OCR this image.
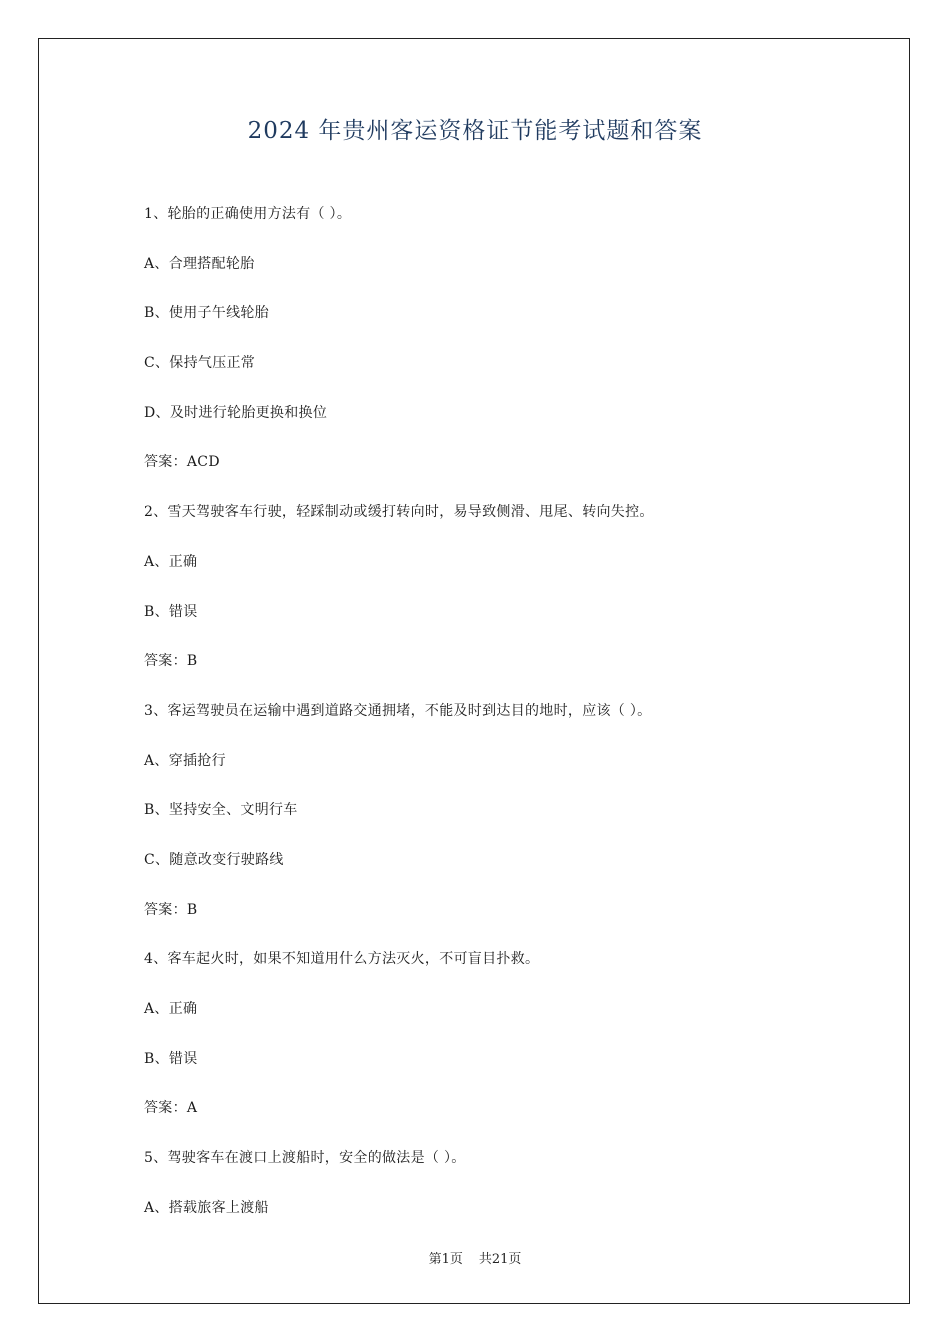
2024 年贵州客运资格证节能考试题和答案
1、轮胎的正确使用方法有（ ）。
A、合理搭配轮胎
B、使用子午线轮胎
C、保持气压正常
D、及时进行轮胎更换和换位
答案：ACD
2、雪天驾驶客车行驶，轻踩制动或缓打转向时，易导致侧滑、甩尾、转向失控。
A、正确
B、错误
答案：B
3、客运驾驶员在运输中遇到道路交通拥堵，不能及时到达目的地时，应该（ ）。
A、穿插抢行
B、坚持安全、文明行车
C、随意改变行驶路线
答案：B
4、客车起火时，如果不知道用什么方法灭火，不可盲目扑救。
A、正确
B、错误
答案：A
5、驾驶客车在渡口上渡船时，安全的做法是（ ）。
A、搭载旅客上渡船
第1页 共21页
